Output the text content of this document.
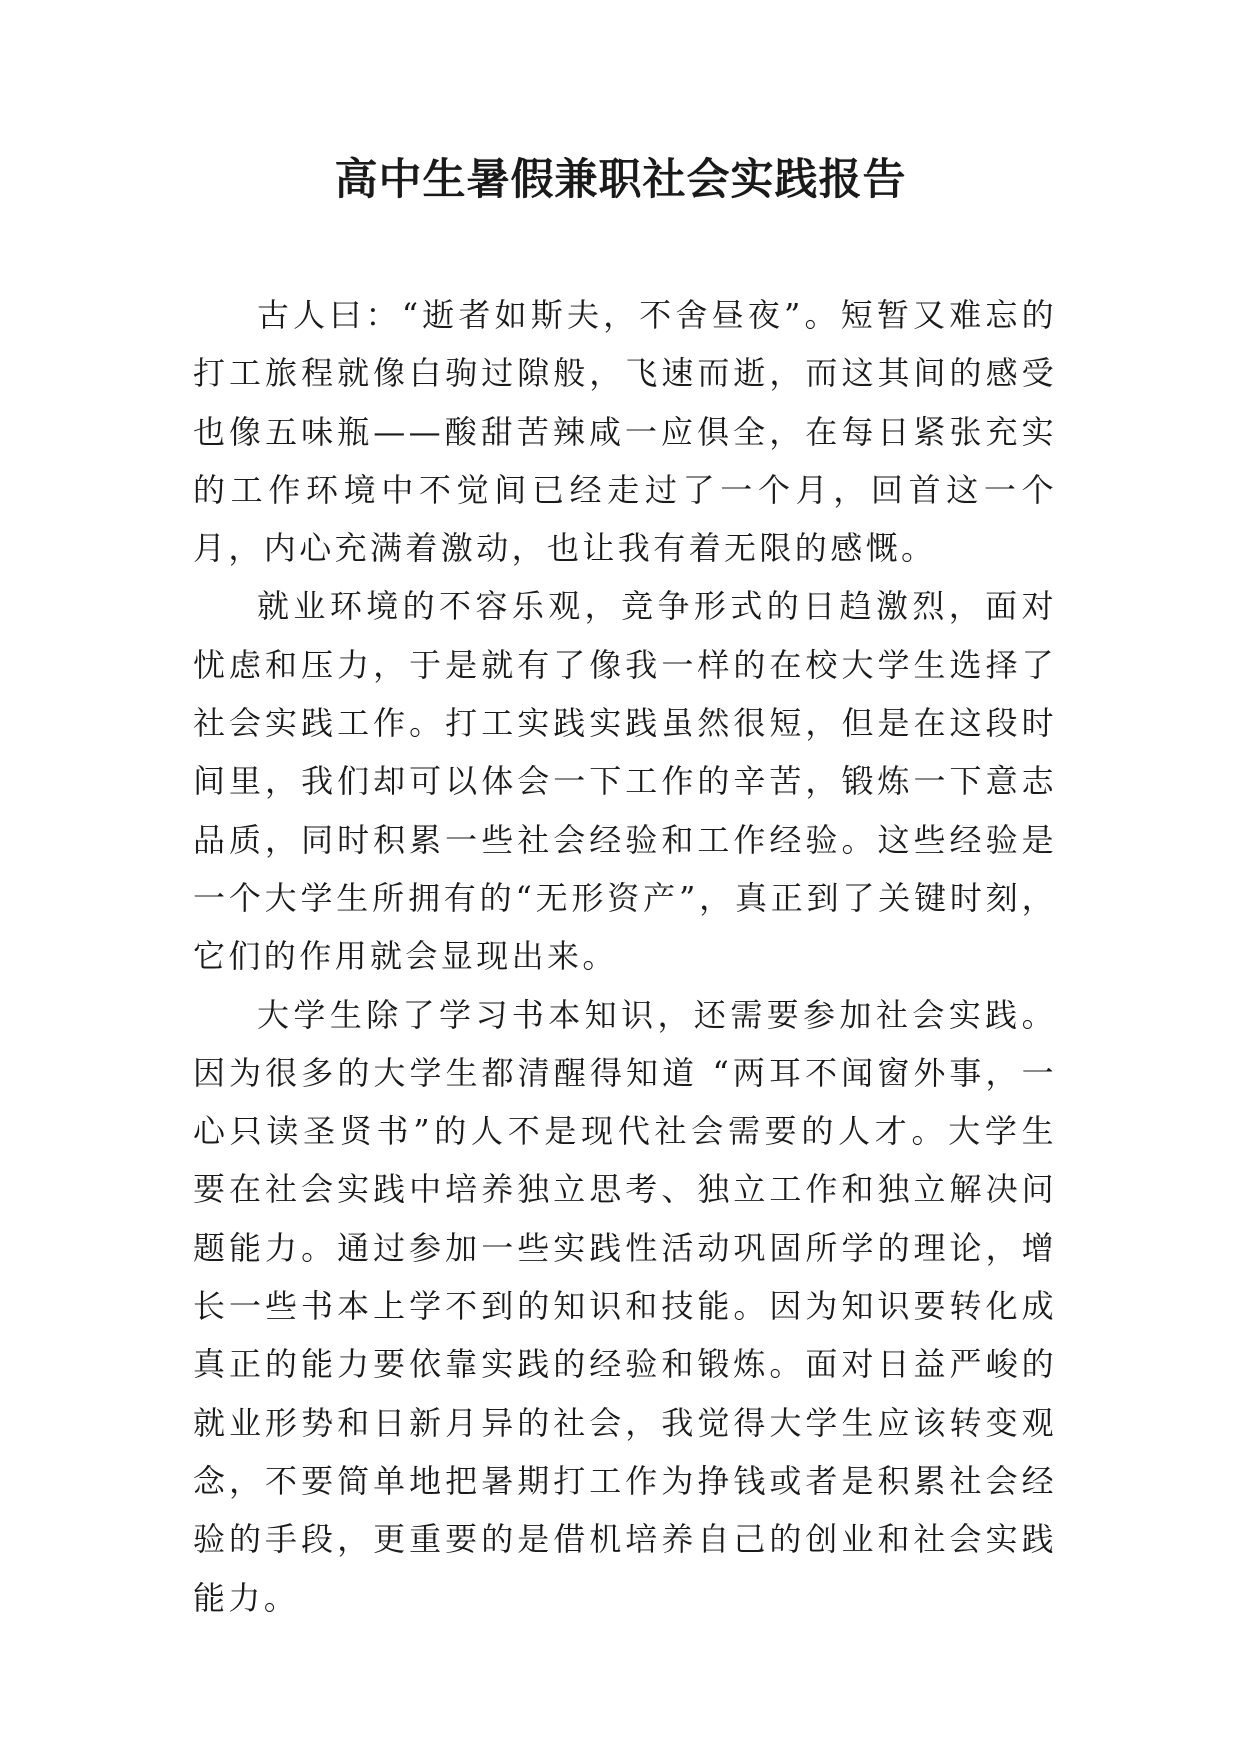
高中生暑假兼职社会实践报告

古人曰：“逝者如斯夫，不舍昼夜”。短暂又难忘的打工旅程就像白驹过隙般，飞速而逝，而这其间的感受也像五味瓶——酸甜苦辣咸一应俱全，在每日紧张充实的工作环境中不觉间已经走过了一个月，回首这一个月，内心充满着激动，也让我有着无限的感慨。

就业环境的不容乐观，竞争形式的日趋激烈，面对忧虑和压力，于是就有了像我一样的在校大学生选择了社会实践工作。打工实践实践虽然很短，但是在这段时间里，我们却可以体会一下工作的辛苦，锻炼一下意志品质，同时积累一些社会经验和工作经验。这些经验是一个大学生所拥有的“无形资产”，真正到了关键时刻，它们的作用就会显现出来。

大学生除了学习书本知识，还需要参加社会实践。因为很多的大学生都清醒得知道 “两耳不闻窗外事，一心只读圣贤书”的人不是现代社会需要的人才。大学生要在社会实践中培养独立思考、独立工作和独立解决问题能力。通过参加一些实践性活动巩固所学的理论，增长一些书本上学不到的知识和技能。因为知识要转化成真正的能力要依靠实践的经验和锻炼。面对日益严峻的就业形势和日新月异的社会，我觉得大学生应该转变观念，不要简单地把暑期打工作为挣钱或者是积累社会经验的手段，更重要的是借机培养自己的创业和社会实践能力。
